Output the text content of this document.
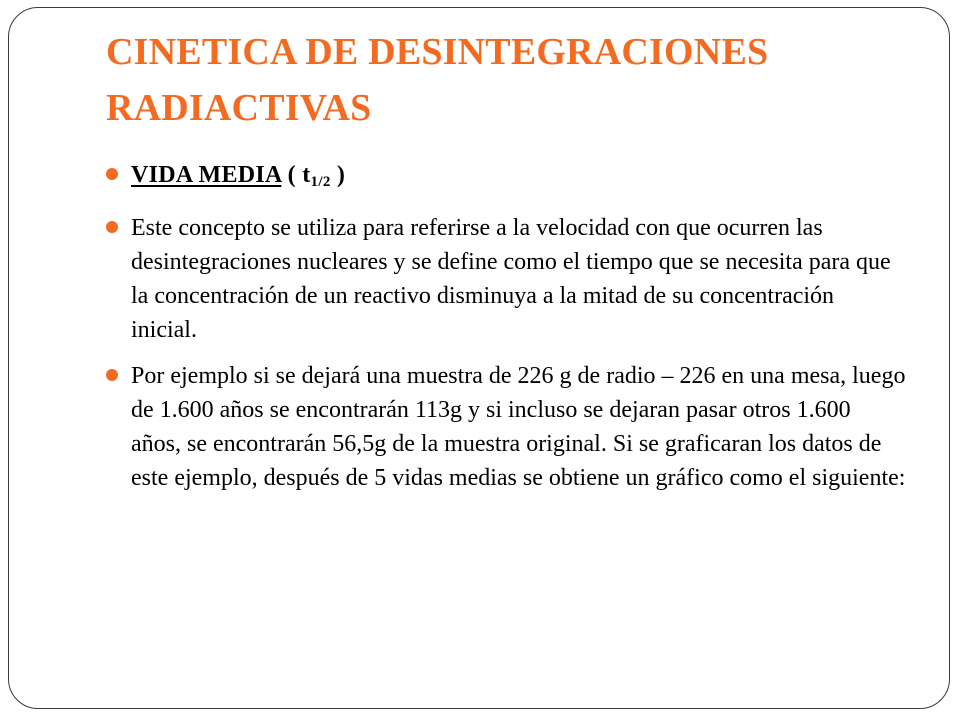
CINETICA DE DESINTEGRACIONES RADIACTIVAS
VIDA MEDIA ( $t_{1/2}$ )
Este concepto se utiliza para referirse a la velocidad con que ocurren las desintegraciones nucleares y se define como el tiempo que se necesita para que la concentración de un reactivo disminuya a la mitad de su concentración inicial.
Por ejemplo si se dejará una muestra de 226 g de radio – 226 en una mesa, luego de 1.600 años se encontrarán 113g y si incluso se dejaran pasar otros 1.600 años, se encontrarán 56,5g de la muestra original. Si se graficaran los datos de este ejemplo, después de 5 vidas medias se obtiene un gráfico como el siguiente:
